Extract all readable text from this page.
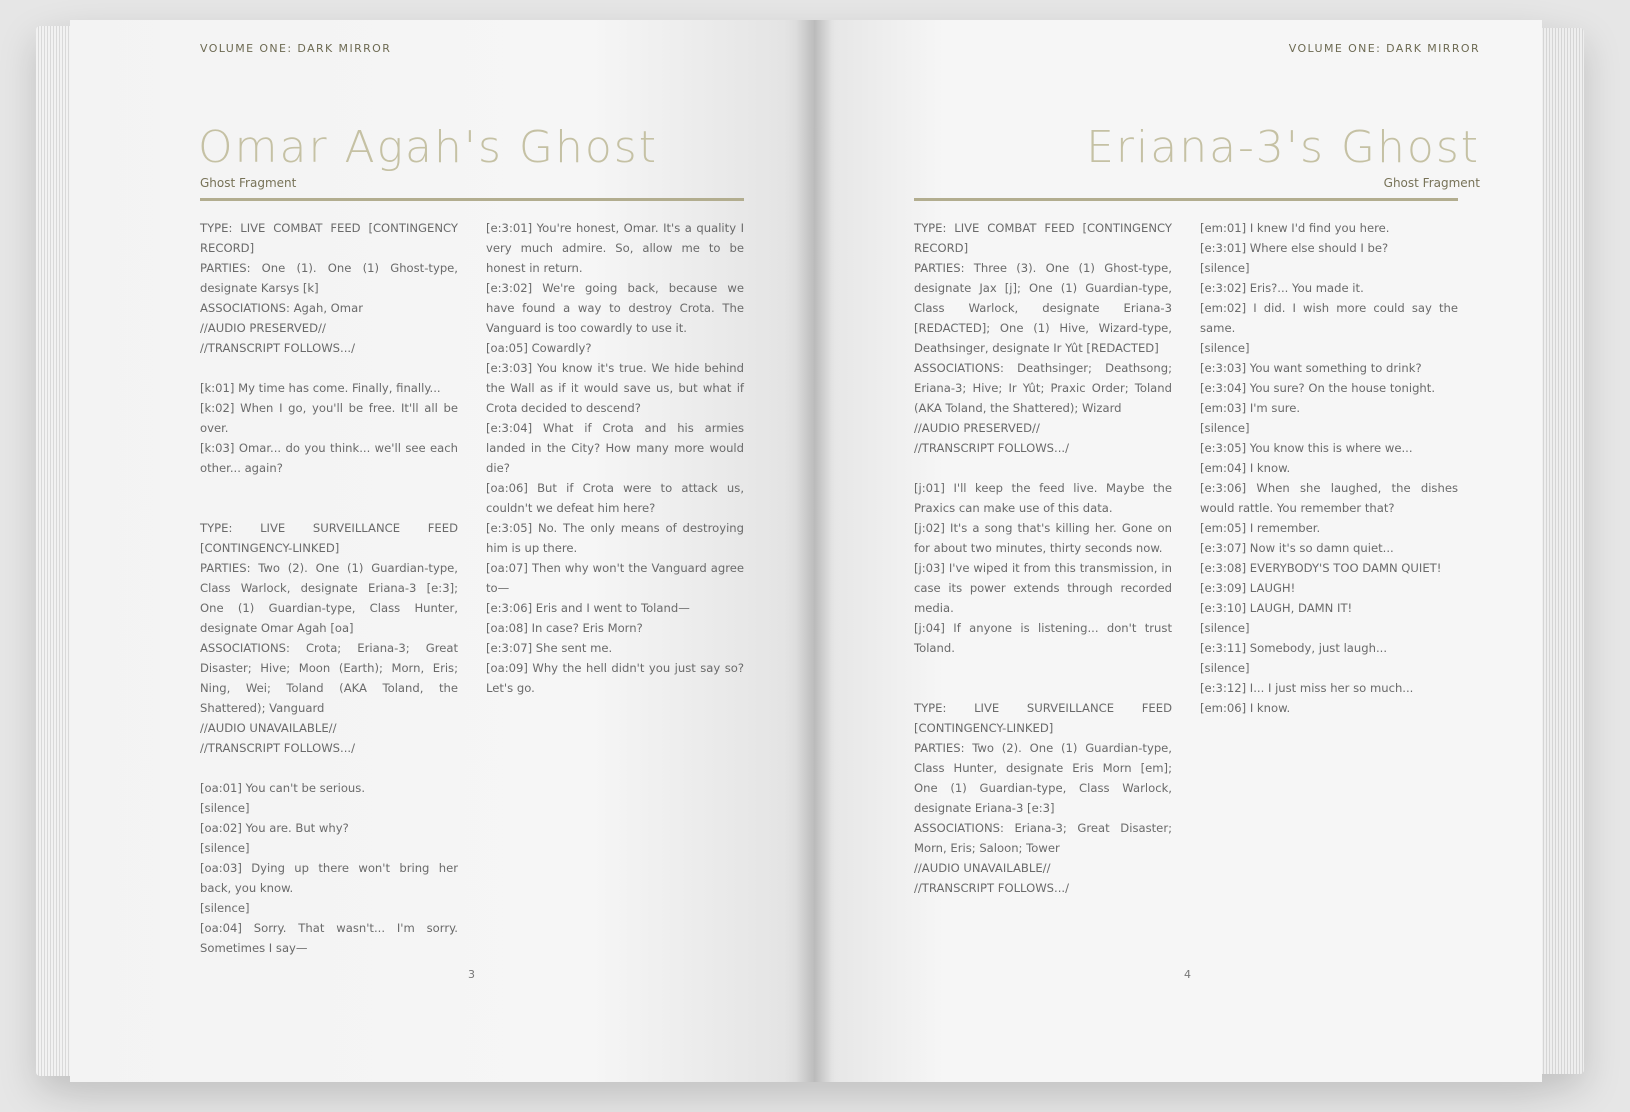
VOLUME ONE: DARK MIRROR
Omar Agah's Ghost
Ghost Fragment

TYPE: LIVE COMBAT FEED [CONTINGENCY RECORD]

PARTIES: One (1). One (1) Ghost-type, designate Karsys [k]

ASSOCIATIONS: Agah, Omar

//AUDIO PRESERVED//

//TRANSCRIPT FOLLOWS.../

[k:01] My time has come. Finally, finally...

[k:02] When I go, you'll be free. It'll all be over.

[k:03] Omar... do you think... we'll see each other... again?

TYPE: LIVE SURVEILLANCE FEED [CONTINGENCY-LINKED]

PARTIES: Two (2). One (1) Guardian-type, Class Warlock, designate Eriana-3 [e:3]; One (1) Guardian-type, Class Hunter, designate Omar Agah [oa]

ASSOCIATIONS: Crota; Eriana-3; Great Disaster; Hive; Moon (Earth); Morn, Eris; Ning, Wei; Toland (AKA Toland, the Shattered); Vanguard

//AUDIO UNAVAILABLE//

//TRANSCRIPT FOLLOWS.../

[oa:01] You can't be serious.

[silence]

[oa:02] You are. But why?

[silence]

[oa:03] Dying up there won't bring her back, you know.

[silence]

[oa:04] Sorry. That wasn't... I'm sorry. Sometimes I say—

[e:3:01] You're honest, Omar. It's a quality I very much admire. So, allow me to be honest in return.

[e:3:02] We're going back, because we have found a way to destroy Crota. The Vanguard is too cowardly to use it.

[oa:05] Cowardly?

[e:3:03] You know it's true. We hide behind the Wall as if it would save us, but what if Crota decided to descend?

[e:3:04] What if Crota and his armies landed in the City? How many more would die?

[oa:06] But if Crota were to attack us, couldn't we defeat him here?

[e:3:05] No. The only means of destroying him is up there.

[oa:07] Then why won't the Vanguard agree to—

[e:3:06] Eris and I went to Toland—

[oa:08] In case? Eris Morn?

[e:3:07] She sent me.

[oa:09] Why the hell didn't you just say so? Let's go.

3
VOLUME ONE: DARK MIRROR
Eriana-3's Ghost
Ghost Fragment

TYPE: LIVE COMBAT FEED [CONTINGENCY RECORD]

PARTIES: Three (3). One (1) Ghost-type, designate Jax [j]; One (1) Guardian-type, Class Warlock, designate Eriana-3 [REDACTED]; One (1) Hive, Wizard-type, Deathsinger, designate Ir Yût [REDACTED]

ASSOCIATIONS: Deathsinger; Deathsong; Eriana-3; Hive; Ir Yût; Praxic Order; Toland (AKA Toland, the Shattered); Wizard

//AUDIO PRESERVED//

//TRANSCRIPT FOLLOWS.../

[j:01] I'll keep the feed live. Maybe the Praxics can make use of this data.

[j:02] It's a song that's killing her. Gone on for about two minutes, thirty seconds now.

[j:03] I've wiped it from this transmission, in case its power extends through recorded media.

[j:04] If anyone is listening... don't trust Toland.

TYPE: LIVE SURVEILLANCE FEED [CONTINGENCY-LINKED]

PARTIES: Two (2). One (1) Guardian-type, Class Hunter, designate Eris Morn [em]; One (1) Guardian-type, Class Warlock, designate Eriana-3 [e:3]

ASSOCIATIONS: Eriana-3; Great Disaster; Morn, Eris; Saloon; Tower

//AUDIO UNAVAILABLE//

//TRANSCRIPT FOLLOWS.../

[em:01] I knew I'd find you here.

[e:3:01] Where else should I be?

[silence]

[e:3:02] Eris?... You made it.

[em:02] I did. I wish more could say the same.

[silence]

[e:3:03] You want something to drink?

[e:3:04] You sure? On the house tonight.

[em:03] I'm sure.

[silence]

[e:3:05] You know this is where we...

[em:04] I know.

[e:3:06] When she laughed, the dishes would rattle. You remember that?

[em:05] I remember.

[e:3:07] Now it's so damn quiet...

[e:3:08] EVERYBODY'S TOO DAMN QUIET!

[e:3:09] LAUGH!

[e:3:10] LAUGH, DAMN IT!

[silence]

[e:3:11] Somebody, just laugh...

[silence]

[e:3:12] I... I just miss her so much...

[em:06] I know.

4
